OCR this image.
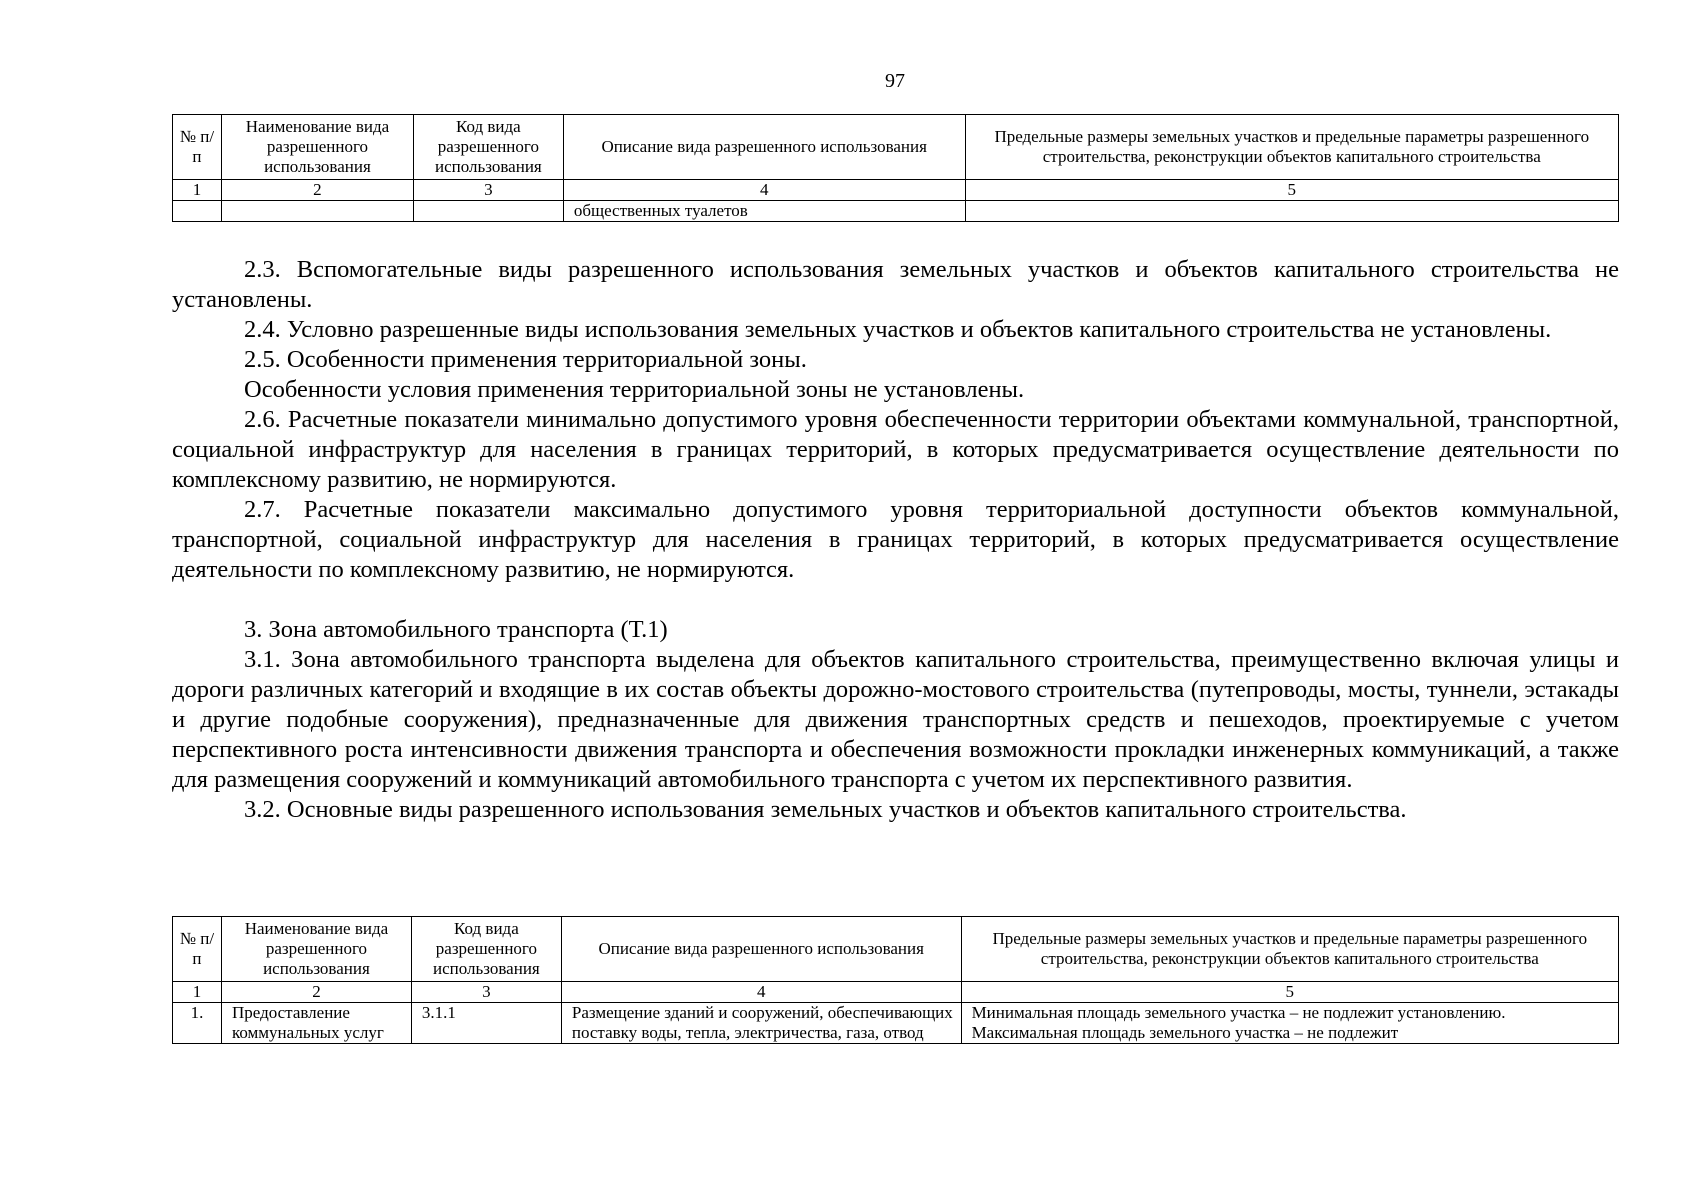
97
№ п/п	Наименование вида разрешенного использования	Код вида разрешенного использования	Описание вида разрешенного использования	Предельные размеры земельных участков и предельные параметры разрешенного строительства, реконструкции объектов капитального строительства
1	2	3	4	5
			общественных туалетов	

2.3. Вспомогательные виды разрешенного использования земельных участков и объектов капитального строительства не установлены.

2.4. Условно разрешенные виды использования земельных участков и объектов капитального строительства не установлены.

2.5. Особенности применения территориальной зоны.

Особенности условия применения территориальной зоны не установлены.

2.6. Расчетные показатели минимально допустимого уровня обеспеченности территории объектами коммунальной, транспортной, социальной инфраструктур для населения в границах территорий, в которых предусматривается осуществление деятельности по комплексному развитию, не нормируются.

2.7. Расчетные показатели максимально допустимого уровня территориальной доступности объектов коммунальной, транспортной, социальной инфраструктур для населения в границах территорий, в которых предусматривается осуществление деятельности по комплексному развитию, не нормируются.

3. Зона автомобильного транспорта (Т.1)

3.1. Зона автомобильного транспорта выделена для объектов капитального строительства, преимущественно включая улицы и дороги различных категорий и входящие в их состав объекты дорожно-мостового строительства (путепроводы, мосты, туннели, эстакады и другие подобные сооружения), предназначенные для движения транспортных средств и пешеходов, проектируемые с учетом перспективного роста интенсивности движения транспорта и обеспечения возможности прокладки инженерных коммуникаций, а также для размещения сооружений и коммуникаций автомобильного транспорта с учетом их перспективного развития.

3.2. Основные виды разрешенного использования земельных участков и объектов капитального строительства.

№ п/п	Наименование вида разрешенного использования	Код вида разрешенного использования	Описание вида разрешенного использования	Предельные размеры земельных участков и предельные параметры разрешенного строительства, реконструкции объектов капитального строительства
1	2	3	4	5
1.	Предоставление коммунальных услуг	3.1.1	Размещение зданий и сооружений, обеспечивающих поставку воды, тепла, электричества, газа, отвод	Минимальная площадь земельного участка – не подлежит установлению.
Максимальная площадь земельного участка – не подлежит
